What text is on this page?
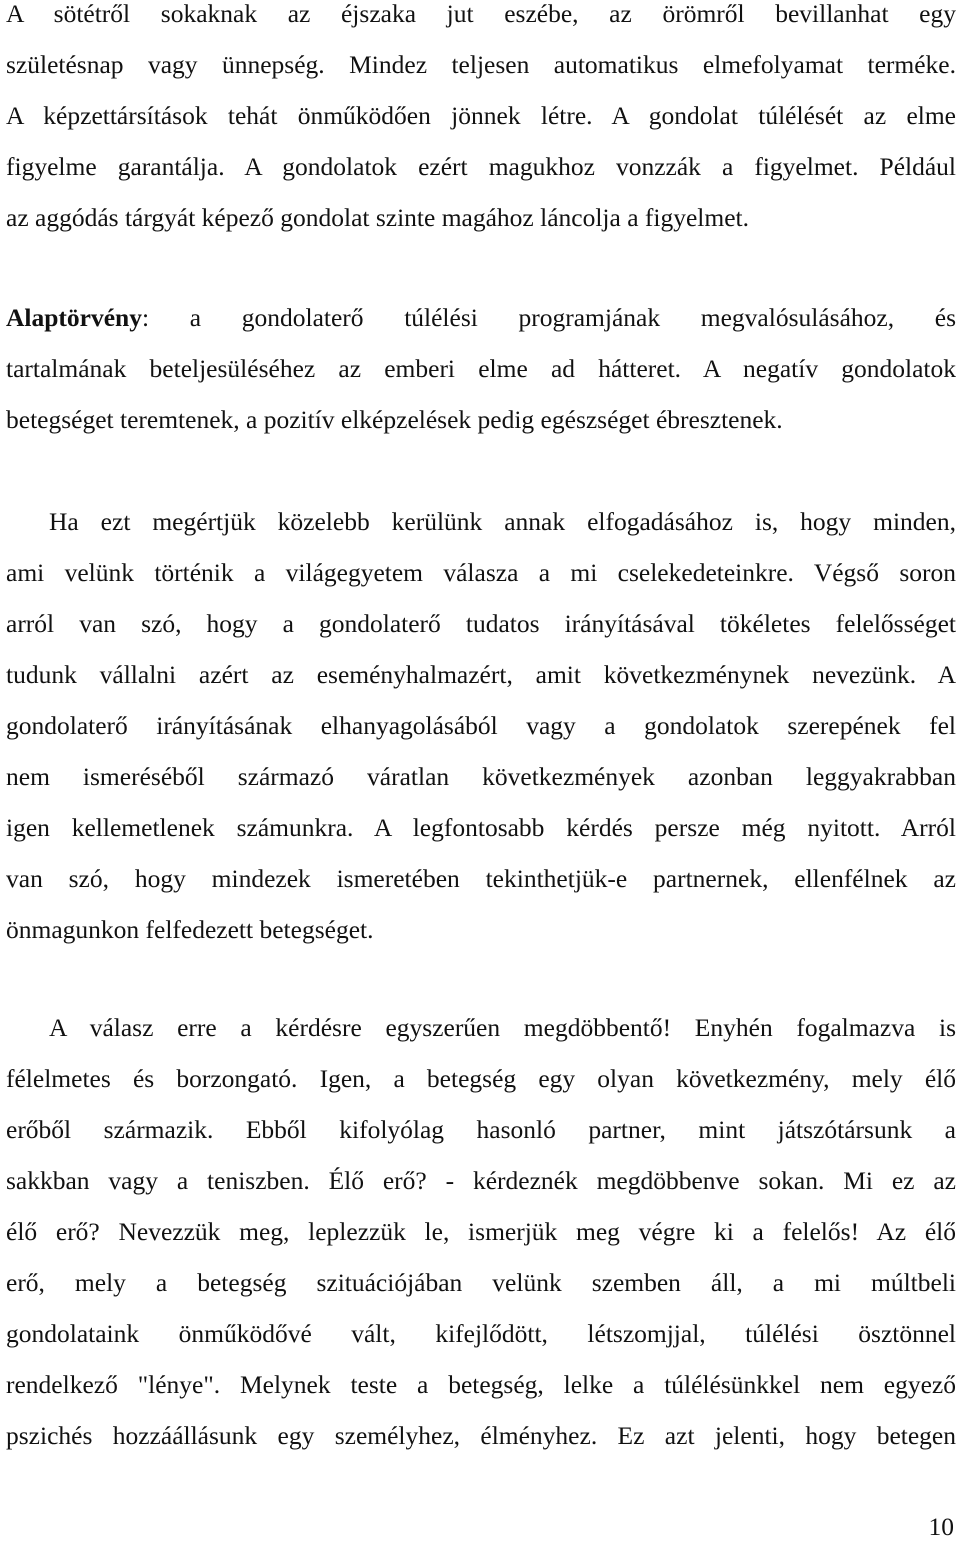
A sötétről sokaknak az éjszaka jut eszébe, az örömről bevillanhat egy
születésnap vagy ünnepség. Mindez teljesen automatikus elmefolyamat terméke.
A képzettársítások tehát önműködően jönnek létre. A gondolat túlélését az elme
figyelme garantálja. A gondolatok ezért magukhoz vonzzák a figyelmet. Például
az aggódás tárgyát képező gondolat szinte magához láncolja a figyelmet.
Alaptörvény: a gondolaterő túlélési programjának megvalósulásához, és
tartalmának beteljesüléséhez az emberi elme ad hátteret. A negatív gondolatok
betegséget teremtenek, a pozitív elképzelések pedig egészséget ébresztenek.
Ha ezt megértjük közelebb kerülünk annak elfogadásához is, hogy minden,
ami velünk történik a világegyetem válasza a mi cselekedeteinkre. Végső soron
arról van szó, hogy a gondolaterő tudatos irányításával tökéletes felelősséget
tudunk vállalni azért az eseményhalmazért, amit következménynek nevezünk. A
gondolaterő irányításának elhanyagolásából vagy a gondolatok szerepének fel
nem ismeréséből származó váratlan következmények azonban leggyakrabban
igen kellemetlenek számunkra. A legfontosabb kérdés persze még nyitott. Arról
van szó, hogy mindezek ismeretében tekinthetjük-e partnernek, ellenfélnek az
önmagunkon felfedezett betegséget.
A válasz erre a kérdésre egyszerűen megdöbbentő! Enyhén fogalmazva is
félelmetes és borzongató. Igen, a betegség egy olyan következmény, mely élő
erőből származik. Ebből kifolyólag hasonló partner, mint játszótársunk a
sakkban vagy a teniszben. Élő erő? - kérdeznék megdöbbenve sokan. Mi ez az
élő erő? Nevezzük meg, leplezzük le, ismerjük meg végre ki a felelős! Az élő
erő, mely a betegség szituációjában velünk szemben áll, a mi múltbeli
gondolataink önműködővé vált, kifejlődött, létszomjjal, túlélési ösztönnel
rendelkező "lénye". Melynek teste a betegség, lelke a túlélésünkkel nem egyező
pszichés hozzáállásunk egy személyhez, élményhez. Ez azt jelenti, hogy betegen
10
